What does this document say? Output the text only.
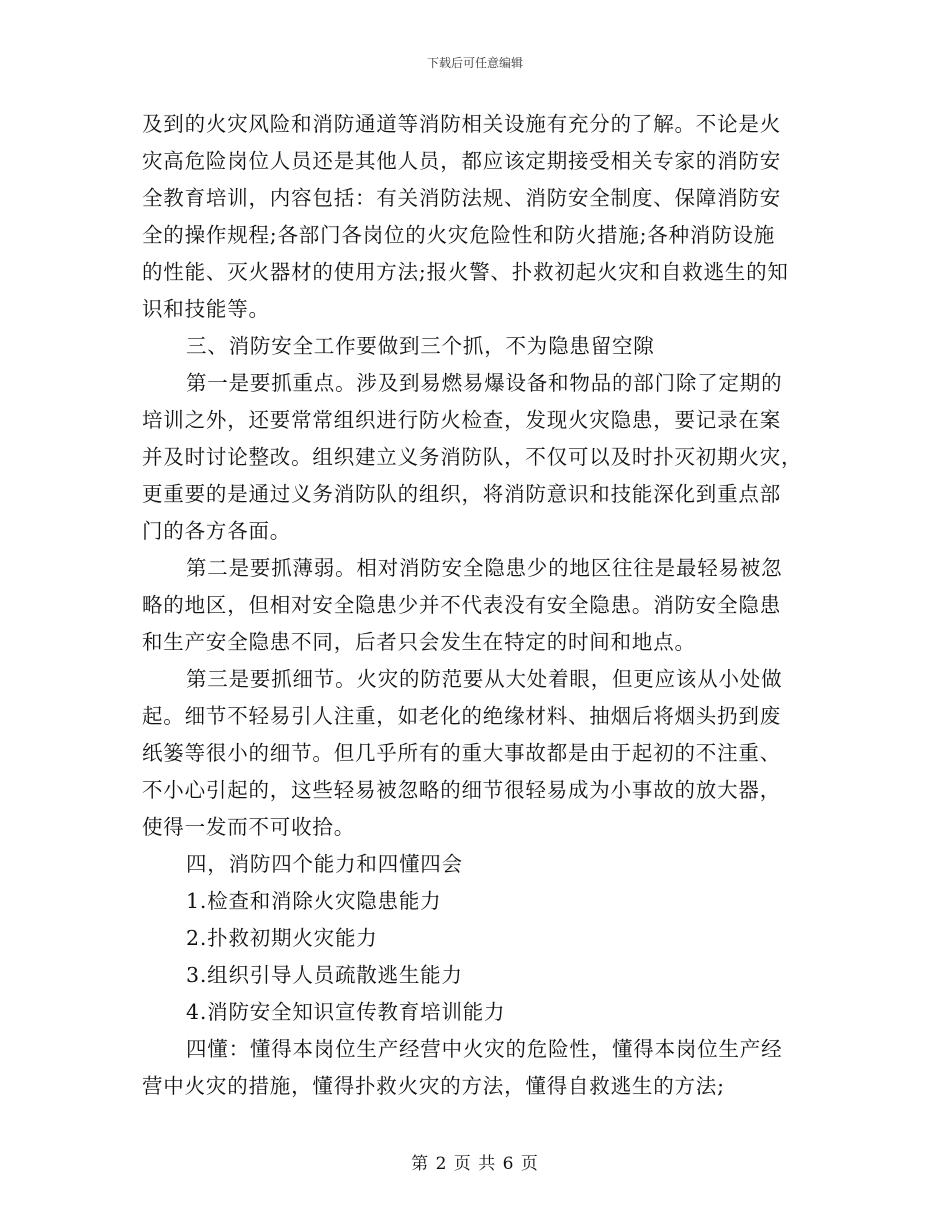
下载后可任意编辑
及到的火灾风险和消防通道等消防相关设施有充分的了解。不论是火
灾高危险岗位人员还是其他人员，都应该定期接受相关专家的消防安
全教育培训，内容包括：有关消防法规、消防安全制度、保障消防安
全的操作规程;各部门各岗位的火灾危险性和防火措施;各种消防设施
的性能、灭火器材的使用方法;报火警、扑救初起火灾和自救逃生的知
识和技能等。
三、消防安全工作要做到三个抓，不为隐患留空隙
第一是要抓重点。涉及到易燃易爆设备和物品的部门除了定期的
培训之外，还要常常组织进行防火检查，发现火灾隐患，要记录在案
并及时讨论整改。组织建立义务消防队，不仅可以及时扑灭初期火灾，
更重要的是通过义务消防队的组织，将消防意识和技能深化到重点部
门的各方各面。
第二是要抓薄弱。相对消防安全隐患少的地区往往是最轻易被忽
略的地区，但相对安全隐患少并不代表没有安全隐患。消防安全隐患
和生产安全隐患不同，后者只会发生在特定的时间和地点。
第三是要抓细节。火灾的防范要从大处着眼，但更应该从小处做
起。细节不轻易引人注重，如老化的绝缘材料、抽烟后将烟头扔到废
纸篓等很小的细节。但几乎所有的重大事故都是由于起初的不注重、
不小心引起的，这些轻易被忽略的细节很轻易成为小事故的放大器，
使得一发而不可收拾。
四，消防四个能力和四懂四会
1.检查和消除火灾隐患能力
2.扑救初期火灾能力
3.组织引导人员疏散逃生能力
4.消防安全知识宣传教育培训能力
四懂：懂得本岗位生产经营中火灾的危险性，懂得本岗位生产经
营中火灾的措施，懂得扑救火灾的方法，懂得自救逃生的方法;
第 2 页 共 6 页
